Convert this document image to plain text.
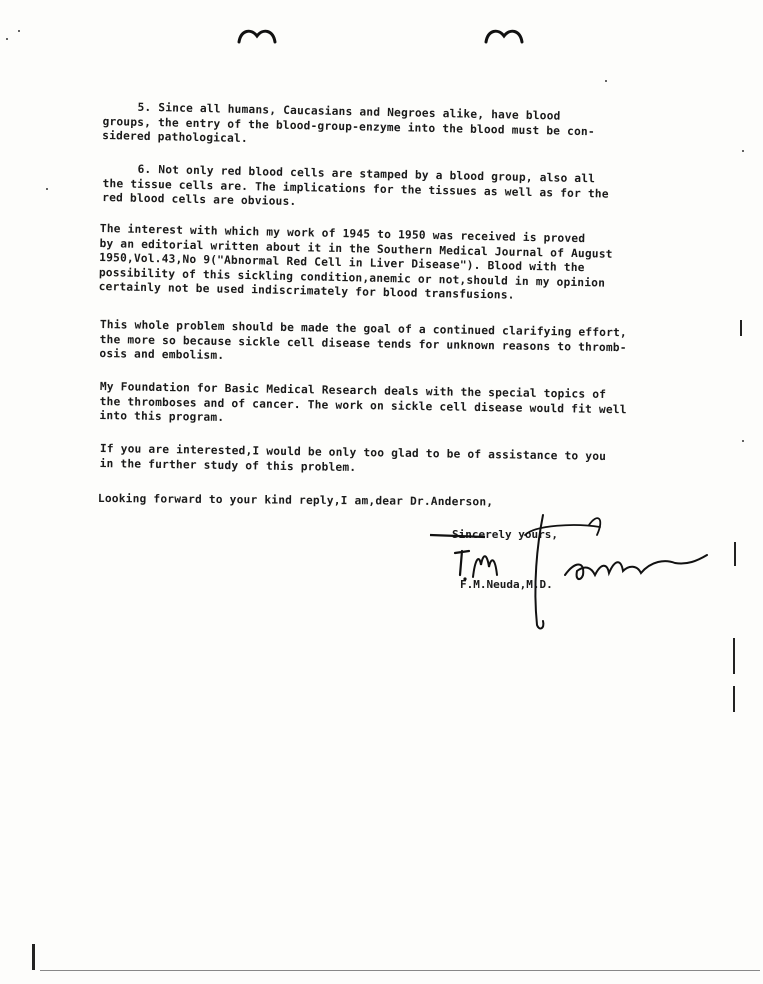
5. Since all humans, Caucasians and Negroes alike, have blood
groups, the entry of the blood-group-enzyme into the blood must be con-
sidered pathological.

6. Not only red blood cells are stamped by a blood group, also all
the tissue cells are. The implications for the tissues as well as for the
red blood cells are obvious.

The interest with which my work of 1945 to 1950 was received is proved
by an editorial written about it in the Southern Medical Journal of August
1950,Vol.43,No 9("Abnormal Red Cell in Liver Disease"). Blood with the
possibility of this sickling condition,anemic or not,should in my opinion
certainly not be used indiscrimately for blood transfusions.

This whole problem should be made the goal of a continued clarifying effort,
the more so because sickle cell disease tends for unknown reasons to thromb-
osis and embolism.

My Foundation for Basic Medical Research deals with the special topics of
the thromboses and of cancer. The work on sickle cell disease would fit well
into this program.

If you are interested,I would be only too glad to be of assistance to you
in the further study of this problem.

Looking forward to your kind reply,I am,dear Dr.Anderson,

Sincerely yours,

F.M.Neuda,M.D.
